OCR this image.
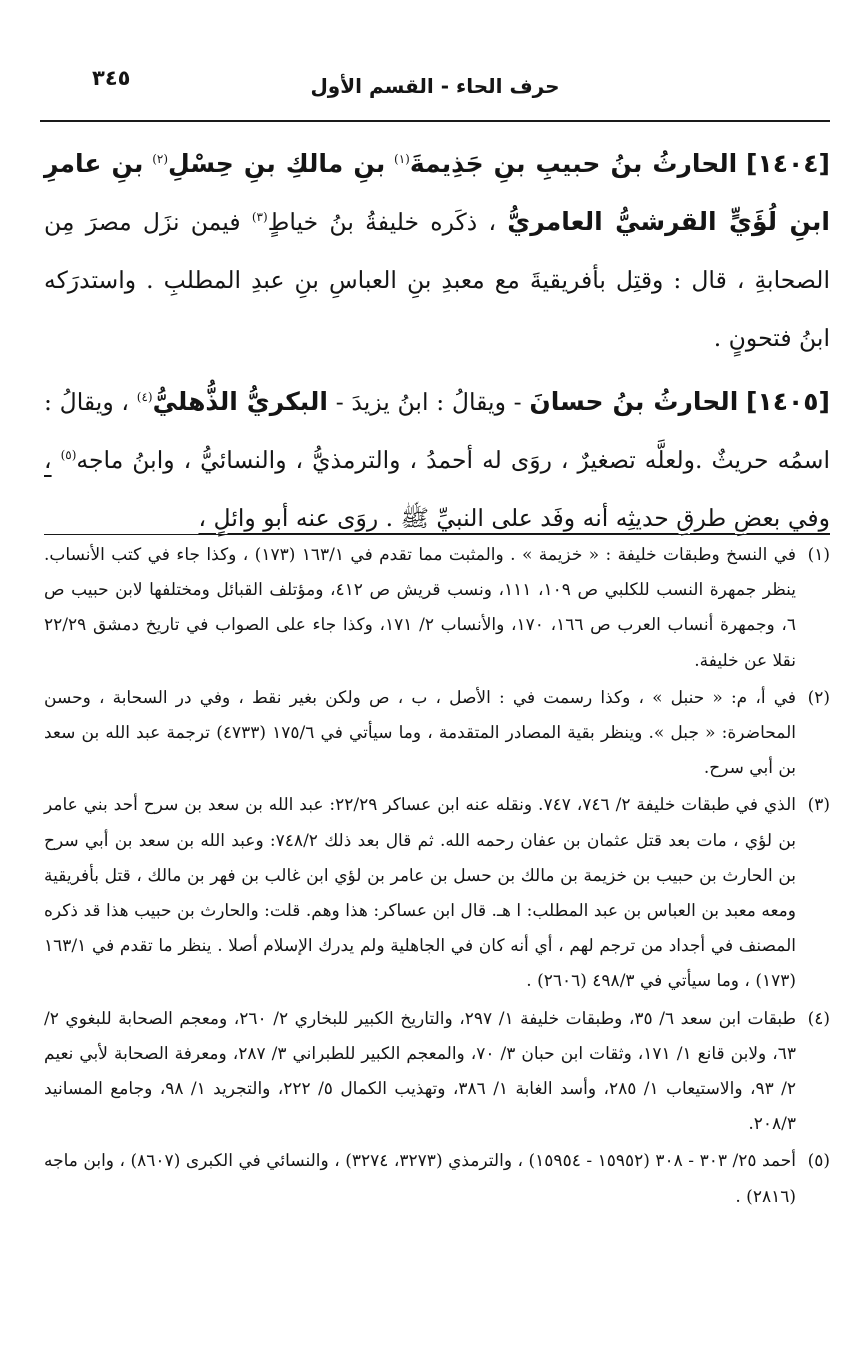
٣٤٥	حرف الحاء - القسم الأول

[١٤٠٤] الحارثُ بنُ حبيبِ بنِ جَذِيمةَ$^{(١)}$ بنِ مالكِ بنِ حِسْلِ$^{(٢)}$ بنِ عامرِ ابنِ لُؤَيٍّ القرشيُّ العامريُّ ، ذكَره خليفةُ بنُ خياطٍ$^{(٣)}$ فيمن نزَل مصرَ مِن الصحابةِ ، قال : وقتِل بأفريقيةَ مع معبدِ بنِ العباسِ بنِ عبدِ المطلبِ . واستدرَكه ابنُ فتحونٍ .

[١٤٠٥] الحارثُ بنُ حسانَ - ويقالُ : ابنُ يزيدَ - البكريُّ الذُّهليُّ$^{(٤)}$ ، ويقالُ : اسمُه حريثٌ .ولعلَّه تصغيرٌ ، روَى له أحمدُ ، والترمذيُّ ، والنسائيُّ ، وابنُ ماجه$^{(٥)}$ ، وفي بعضِ طرقِ حديثِه أنه وفَد على النبيِّ ﷺ . روَى عنه أبو وائلٍ ،

(١)في النسخ وطبقات خليفة : « خزيمة » . والمثبت مما تقدم في ١٦٣/١ (١٧٣) ، وكذا جاء في كتب الأنساب. ينظر جمهرة النسب للكلبي ص ١٠٩، ١١١، ونسب قريش ص ٤١٢، ومؤتلف القبائل ومختلفها لابن حبيب ص ٦، وجمهرة أنساب العرب ص ١٦٦، ١٧٠، والأنساب ٢/ ١٧١، وكذا جاء على الصواب في تاريخ دمشق ٢٢/٢٩ نقلا عن خليفة.

(٢)في أ، م: « حنبل » ، وكذا رسمت في : الأصل ، ب ، ص ولكن بغير نقط ، وفي در السحابة ، وحسن المحاضرة: « جبل ». وينظر بقية المصادر المتقدمة ، وما سيأتي في ١٧٥/٦ (٤٧٣٣) ترجمة عبد الله بن سعد بن أبي سرح.

(٣)الذي في طبقات خليفة ٢/ ٧٤٦، ٧٤٧. ونقله عنه ابن عساكر ٢٢/٢٩: عبد الله بن سعد بن سرح أحد بني عامر بن لؤي ، مات بعد قتل عثمان بن عفان رحمه الله. ثم قال بعد ذلك ٧٤٨/٢: وعبد الله بن سعد بن أبي سرح بن الحارث بن حبيب بن خزيمة بن مالك بن حسل بن عامر بن لؤي ابن غالب بن فهر بن مالك ، قتل بأفريقية ومعه معبد بن العباس بن عبد المطلب: ا هـ. قال ابن عساكر: هذا وهم. قلت: والحارث بن حبيب هذا قد ذكره المصنف في أجداد من ترجم لهم ، أي أنه كان في الجاهلية ولم يدرك الإسلام أصلا . ينظر ما تقدم في ١٦٣/١ (١٧٣) ، وما سيأتي في ٤٩٨/٣ (٢٦٠٦) .

(٤)طبقات ابن سعد ٦/ ٣٥، وطبقات خليفة ١/ ٢٩٧، والتاريخ الكبير للبخاري ٢/ ٢٦٠، ومعجم الصحابة للبغوي ٢/ ٦٣، ولابن قانع ١/ ١٧١، وثقات ابن حبان ٣/ ٧٠، والمعجم الكبير للطبراني ٣/ ٢٨٧، ومعرفة الصحابة لأبي نعيم ٢/ ٩٣، والاستيعاب ١/ ٢٨٥، وأسد الغابة ١/ ٣٨٦، وتهذيب الكمال ٥/ ٢٢٢، والتجريد ١/ ٩٨، وجامع المسانيد ٢٠٨/٣.

(٥)أحمد ٢٥/ ٣٠٣ - ٣٠٨ (١٥٩٥٢ - ١٥٩٥٤) ، والترمذي (٣٢٧٣، ٣٢٧٤) ، والنسائي في الكبرى (٨٦٠٧) ، وابن ماجه (٢٨١٦) .
